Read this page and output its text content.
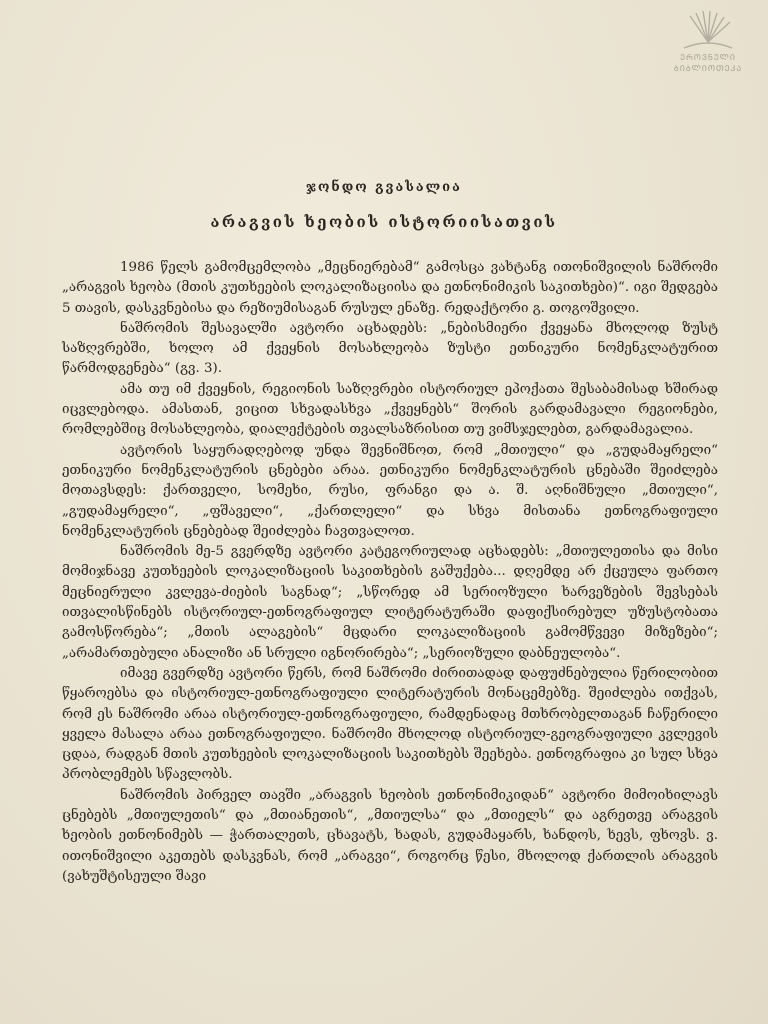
ᲔᲠᲝᲕᲜᲣᲚᲘ
ᲑᲘᲑᲚᲘᲝᲗᲔᲙᲐ
ჯონდო გვასალია
არაგვის ხეობის ისტორიისათვის

1986 წელს გამომცემლობა „მეცნიერებამ“ გამოსცა ვახტანგ ითონიშვილის ნაშრომი „არაგვის ხეობა (მთის კუთხეების ლოკალიზაციისა და ეთნონიმიკის საკითხები)“. იგი შედგება 5 თავის, დასკვნებისა და რეზიუმისაგან რუსულ ენაზე. რედაქტორი გ. თოგოშვილი.

ნაშრომის შესავალში ავტორი აცხადებს: „ნებისმიერი ქვეყანა მხოლოდ ზუსტ საზღვრებში, ხოლო ამ ქვეყნის მოსახლეობა ზუსტი ეთნიკური ნომენკლატურით წარმოდგენება“ (გვ. 3).

ამა თუ იმ ქვეყნის, რეგიონის საზღვრები ისტორიულ ეპოქათა შესაბამისად ხშირად იცვლებოდა. ამასთან, ვიცით სხვადასხვა „ქვეყნებს“ შორის გარდამავალი რეგიონები, რომლებშიც მოსახლეობა, დიალექტების თვალსაზრისით თუ ვიმსჯელებთ, გარდამავალია.

ავტორის საყურადღებოდ უნდა შევნიშნოთ, რომ „მთიული“ და „გუდამაყრელი“ ეთნიკური ნომენკლატურის ცნებები არაა. ეთნიკური ნომენკლატურის ცნებაში შეიძლება მოთავსდეს: ქართველი, სომეხი, რუსი, ფრანგი და ა. შ. აღნიშნული „მთიული“, „გუდამაყრელი“, „ფშაველი“, „ქართლელი“ და სხვა მისთანა ეთნოგრაფიული ნომენკლატურის ცნებებად შეიძლება ჩავთვალოთ.

ნაშრომის მე-5 გვერდზე ავტორი კატეგორიულად აცხადებს: „მთიულეთისა და მისი მომიჯნავე კუთხეების ლოკალიზაციის საკითხების გაშუქება... დღემდე არ ქცეულა ფართო მეცნიერული კვლევა-ძიების საგნად“; „სწორედ ამ სერიოზული ხარვეზების შევსებას ითვალისწინებს ისტორიულ-ეთნოგრაფიულ ლიტერატურაში დაფიქსირებულ უზუსტობათა გამოსწორება“; „მთის ალაგების“ მცდარი ლოკალიზაციის გამომწვევი მიზეზები“; „არამართებული ანალიზი ან სრული იგნორირება“; „სერიოზული დაბნეულობა“.

იმავე გვერდზე ავტორი წერს, რომ ნაშრომი ძირითადად დაფუძნებულია წერილობით წყაროებსა და ისტორიულ-ეთნოგრაფიული ლიტერატურის მონაცემებზე. შეიძლება ითქვას, რომ ეს ნაშრომი არაა ისტორიულ-ეთნოგრაფიული, რამდენადაც მთხრობელთაგან ჩაწერილი ყველა მასალა არაა ეთნოგრაფიული. ნაშრომი მხოლოდ ისტორიულ-გეოგრაფიული კვლევის ცდაა, რადგან მთის კუთხეების ლოკალიზაციის საკითხებს შეეხება. ეთნოგრაფია კი სულ სხვა პრობლემებს სწავლობს.

ნაშრომის პირველ თავში „არაგვის ხეობის ეთნონიმიკიდან“ ავტორი მიმოიხილავს ცნებებს „მთიულეთის“ და „მთიანეთის“, „მთიულსა“ და „მთიელს“ და აგრეთვე არაგვის ხეობის ეთნონიმებს — ჭართალეთს, ცხავატს, ხადას, გუდამაყარს, ხანდოს, ხევს, ფხოვს. ვ. ითონიშვილი აკეთებს დასკვნას, რომ „არაგვი“, როგორც წესი, მხოლოდ ქართლის არაგვის (ვახუშტისეული შავი
